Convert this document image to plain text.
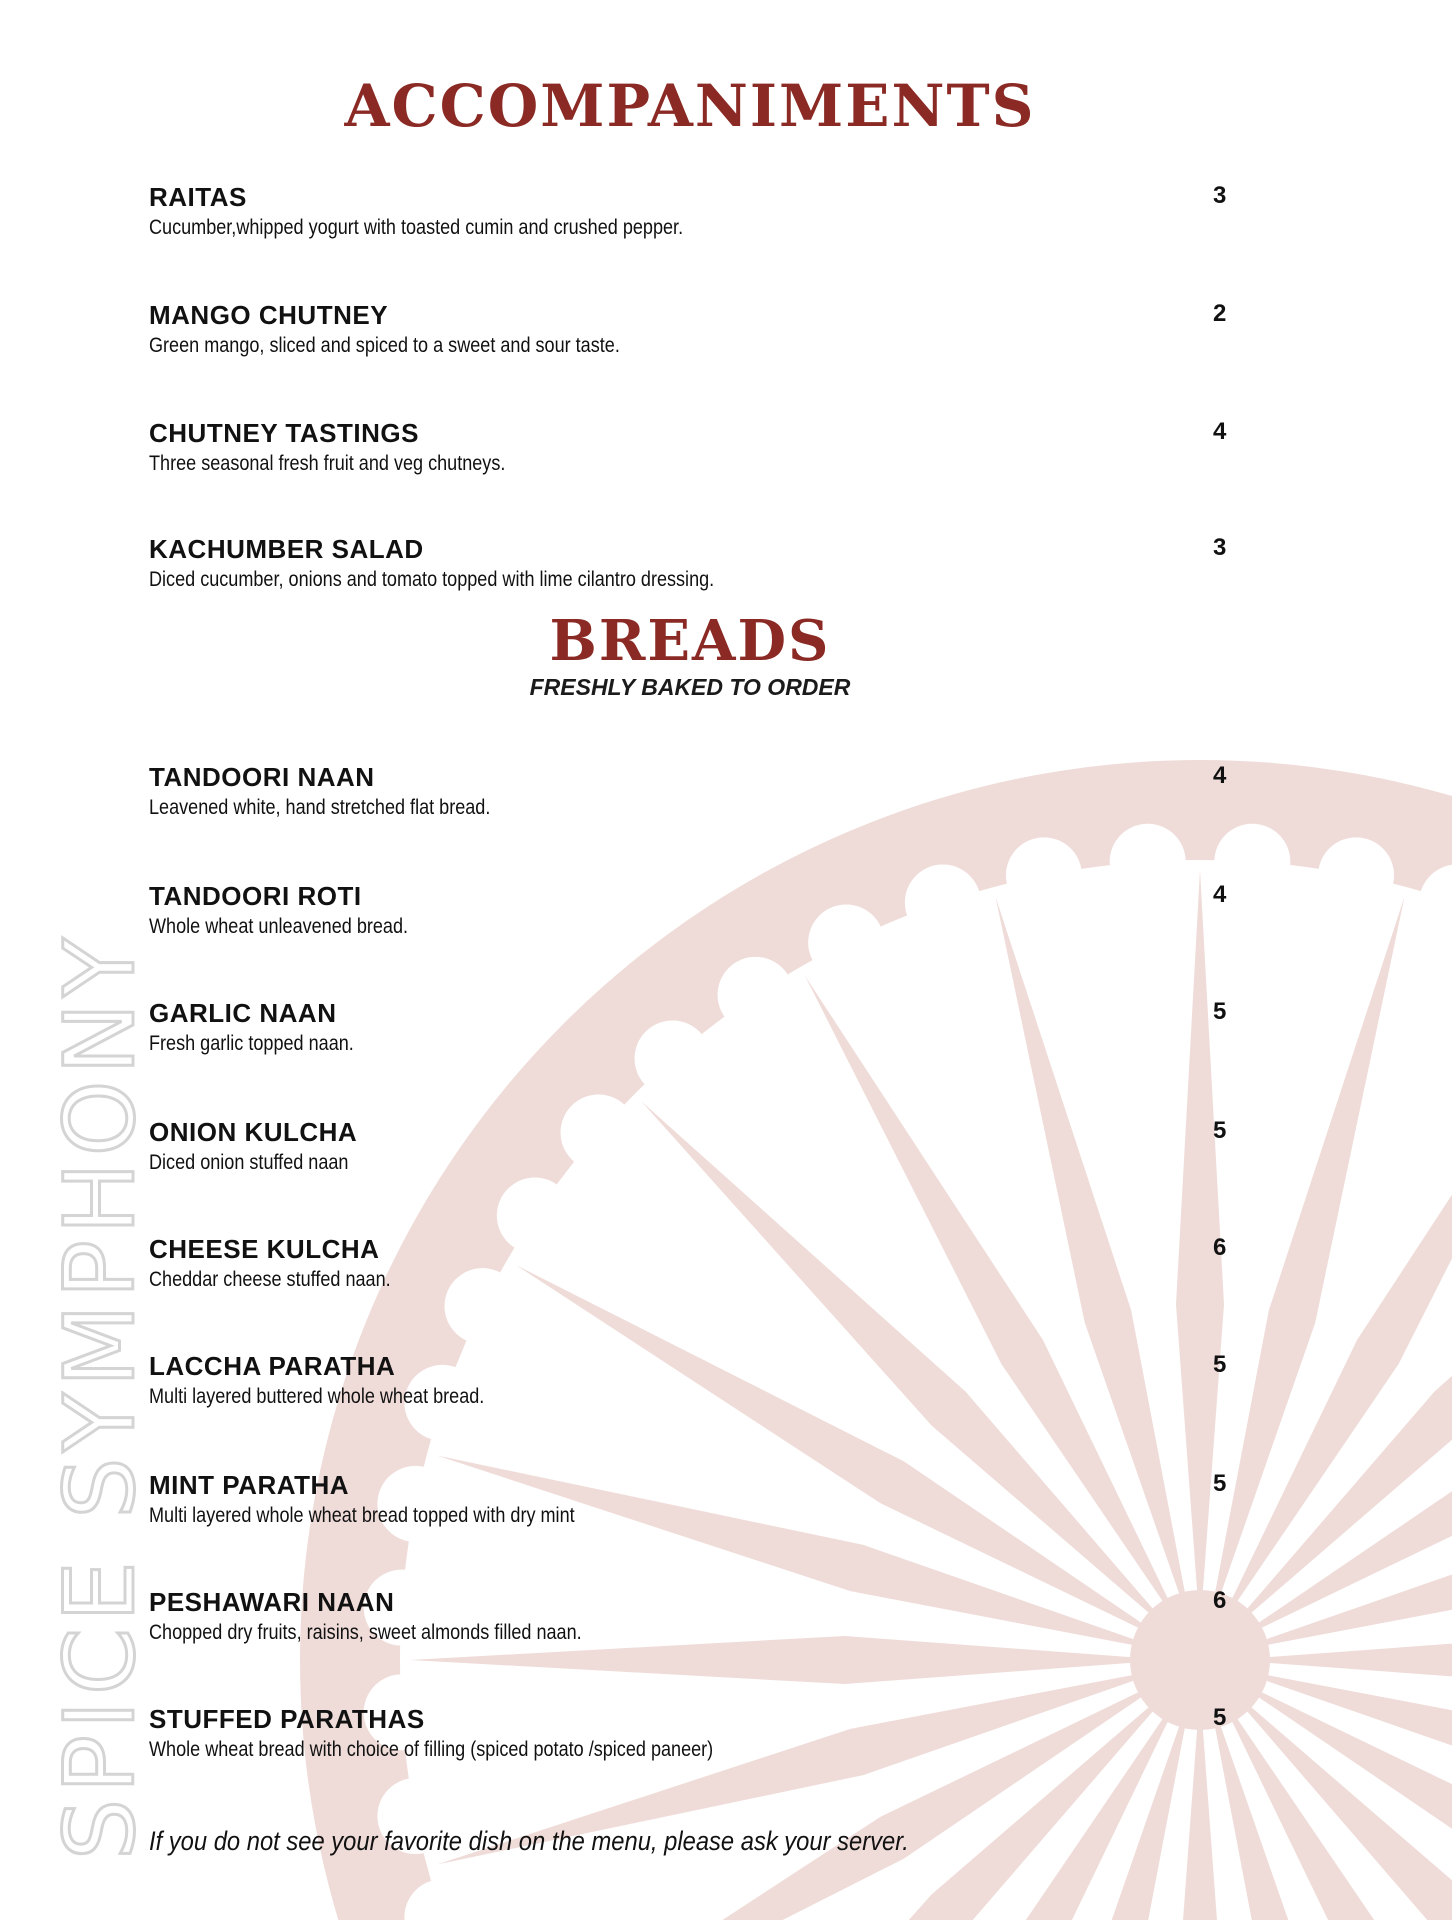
SPICE SYMPHONY
ACCOMPANIMENTS
RAITAS
Cucumber,whipped yogurt with toasted cumin and crushed pepper.
3
MANGO CHUTNEY
Green mango, sliced and spiced to a sweet and sour taste.
2
CHUTNEY TASTINGS
Three seasonal fresh fruit and veg chutneys.
4
KACHUMBER SALAD
Diced cucumber, onions and tomato topped with lime cilantro dressing.
3
BREADS
FRESHLY BAKED TO ORDER
TANDOORI NAAN
Leavened white, hand stretched flat bread.
4
TANDOORI ROTI
Whole wheat unleavened bread.
4
GARLIC NAAN
Fresh garlic topped naan.
5
ONION KULCHA
Diced onion stuffed naan
5
CHEESE KULCHA
Cheddar cheese stuffed naan.
6
LACCHA PARATHA
Multi layered buttered whole wheat bread.
5
MINT PARATHA
Multi layered whole wheat bread topped with dry mint
5
PESHAWARI NAAN
Chopped dry fruits, raisins, sweet almonds filled naan.
6
STUFFED PARATHAS
Whole wheat bread with choice of filling (spiced potato /spiced paneer)
5
If you do not see your favorite dish on the menu, please ask your server.
